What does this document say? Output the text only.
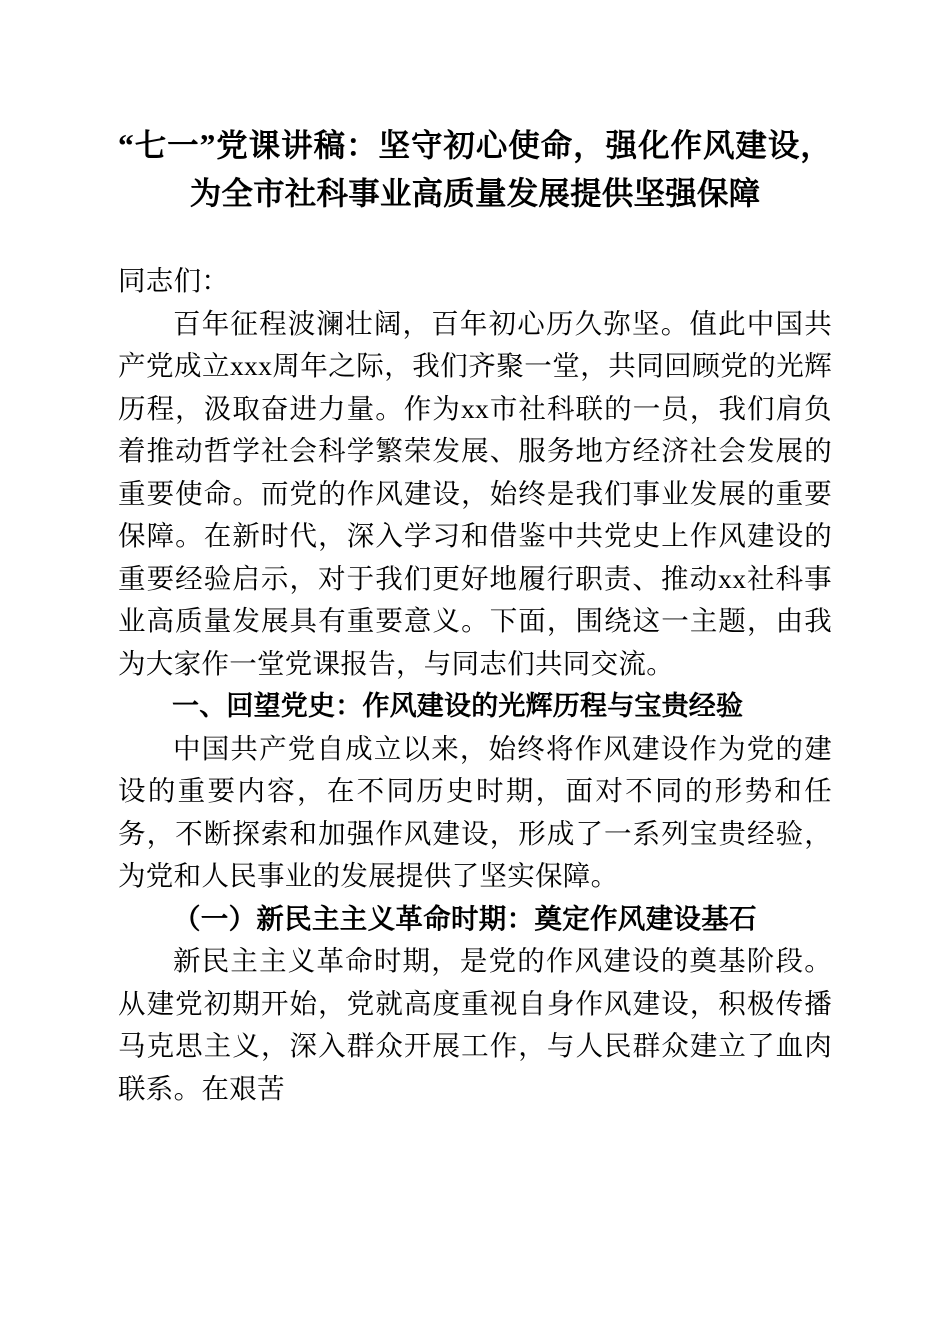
“七一”党课讲稿：坚守初心使命，强化作风建设，为全市社科事业高质量发展提供坚强保障

同志们：

百年征程波澜壮阔，百年初心历久弥坚。值此中国共产党成立xxx周年之际，我们齐聚一堂，共同回顾党的光辉历程，汲取奋进力量。作为xx市社科联的一员，我们肩负着推动哲学社会科学繁荣发展、服务地方经济社会发展的重要使命。而党的作风建设，始终是我们事业发展的重要保障。在新时代，深入学习和借鉴中共党史上作风建设的重要经验启示，对于我们更好地履行职责、推动xx社科事业高质量发展具有重要意义。下面，围绕这一主题，由我为大家作一堂党课报告，与同志们共同交流。

一、回望党史：作风建设的光辉历程与宝贵经验

中国共产党自成立以来，始终将作风建设作为党的建设的重要内容，在不同历史时期，面对不同的形势和任务，不断探索和加强作风建设，形成了一系列宝贵经验，为党和人民事业的发展提供了坚实保障。

（一）新民主主义革命时期：奠定作风建设基石

新民主主义革命时期，是党的作风建设的奠基阶段。从建党初期开始，党就高度重视自身作风建设，积极传播马克思主义，深入群众开展工作，与人民群众建立了血肉联系。在艰苦
